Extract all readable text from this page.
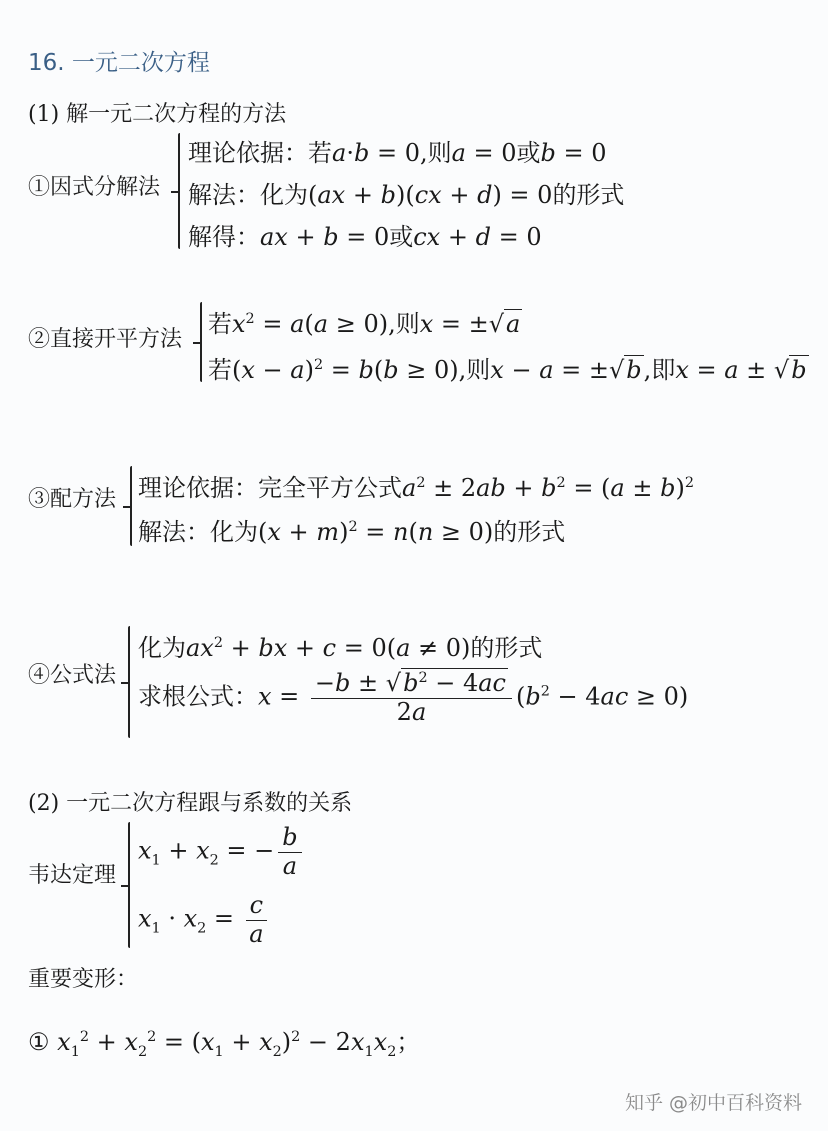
16. 一元二次方程
(1) 解一元二次方程的方法
①因式分解法
理论依据：若a·b = 0,则a = 0或b = 0
解法：化为(ax + b)(cx + d) = 0的形式
解得：ax + b = 0或cx + d = 0
②直接开平方法
若$x^2 = a(a \ge 0)$,则x = ±√a
若$(x - a)^2 = b(b \ge 0)$,则x − a = ±√b,即x = a ± √b
③配方法 理论依据：完全平方公式$a^2 \pm 2ab + b^2 = (a \pm b)^2$
解法：化为$(x + m)^2 = n(n \ge 0)$的形式
④公式法
化为$ax^2$ + bx + c = 0(a ≠ 0)的形式
求根公式：$x = \frac{-b \pm √b^2 - 4ac}{2a} (b^2 - 4ac \ge 0)$
(2) 一元二次方程跟与系数的关系
韦达定理
$x_1 + x_2$ = − $\frac{b}{a}$
$x_1 \cdot x_2 = \frac{c}{a}$
重要变形：
① $x_1^2 + x_2^2 = (x_1 + x_2)^2 - 2x_1x_2$；
知乎 @初中百科资料
